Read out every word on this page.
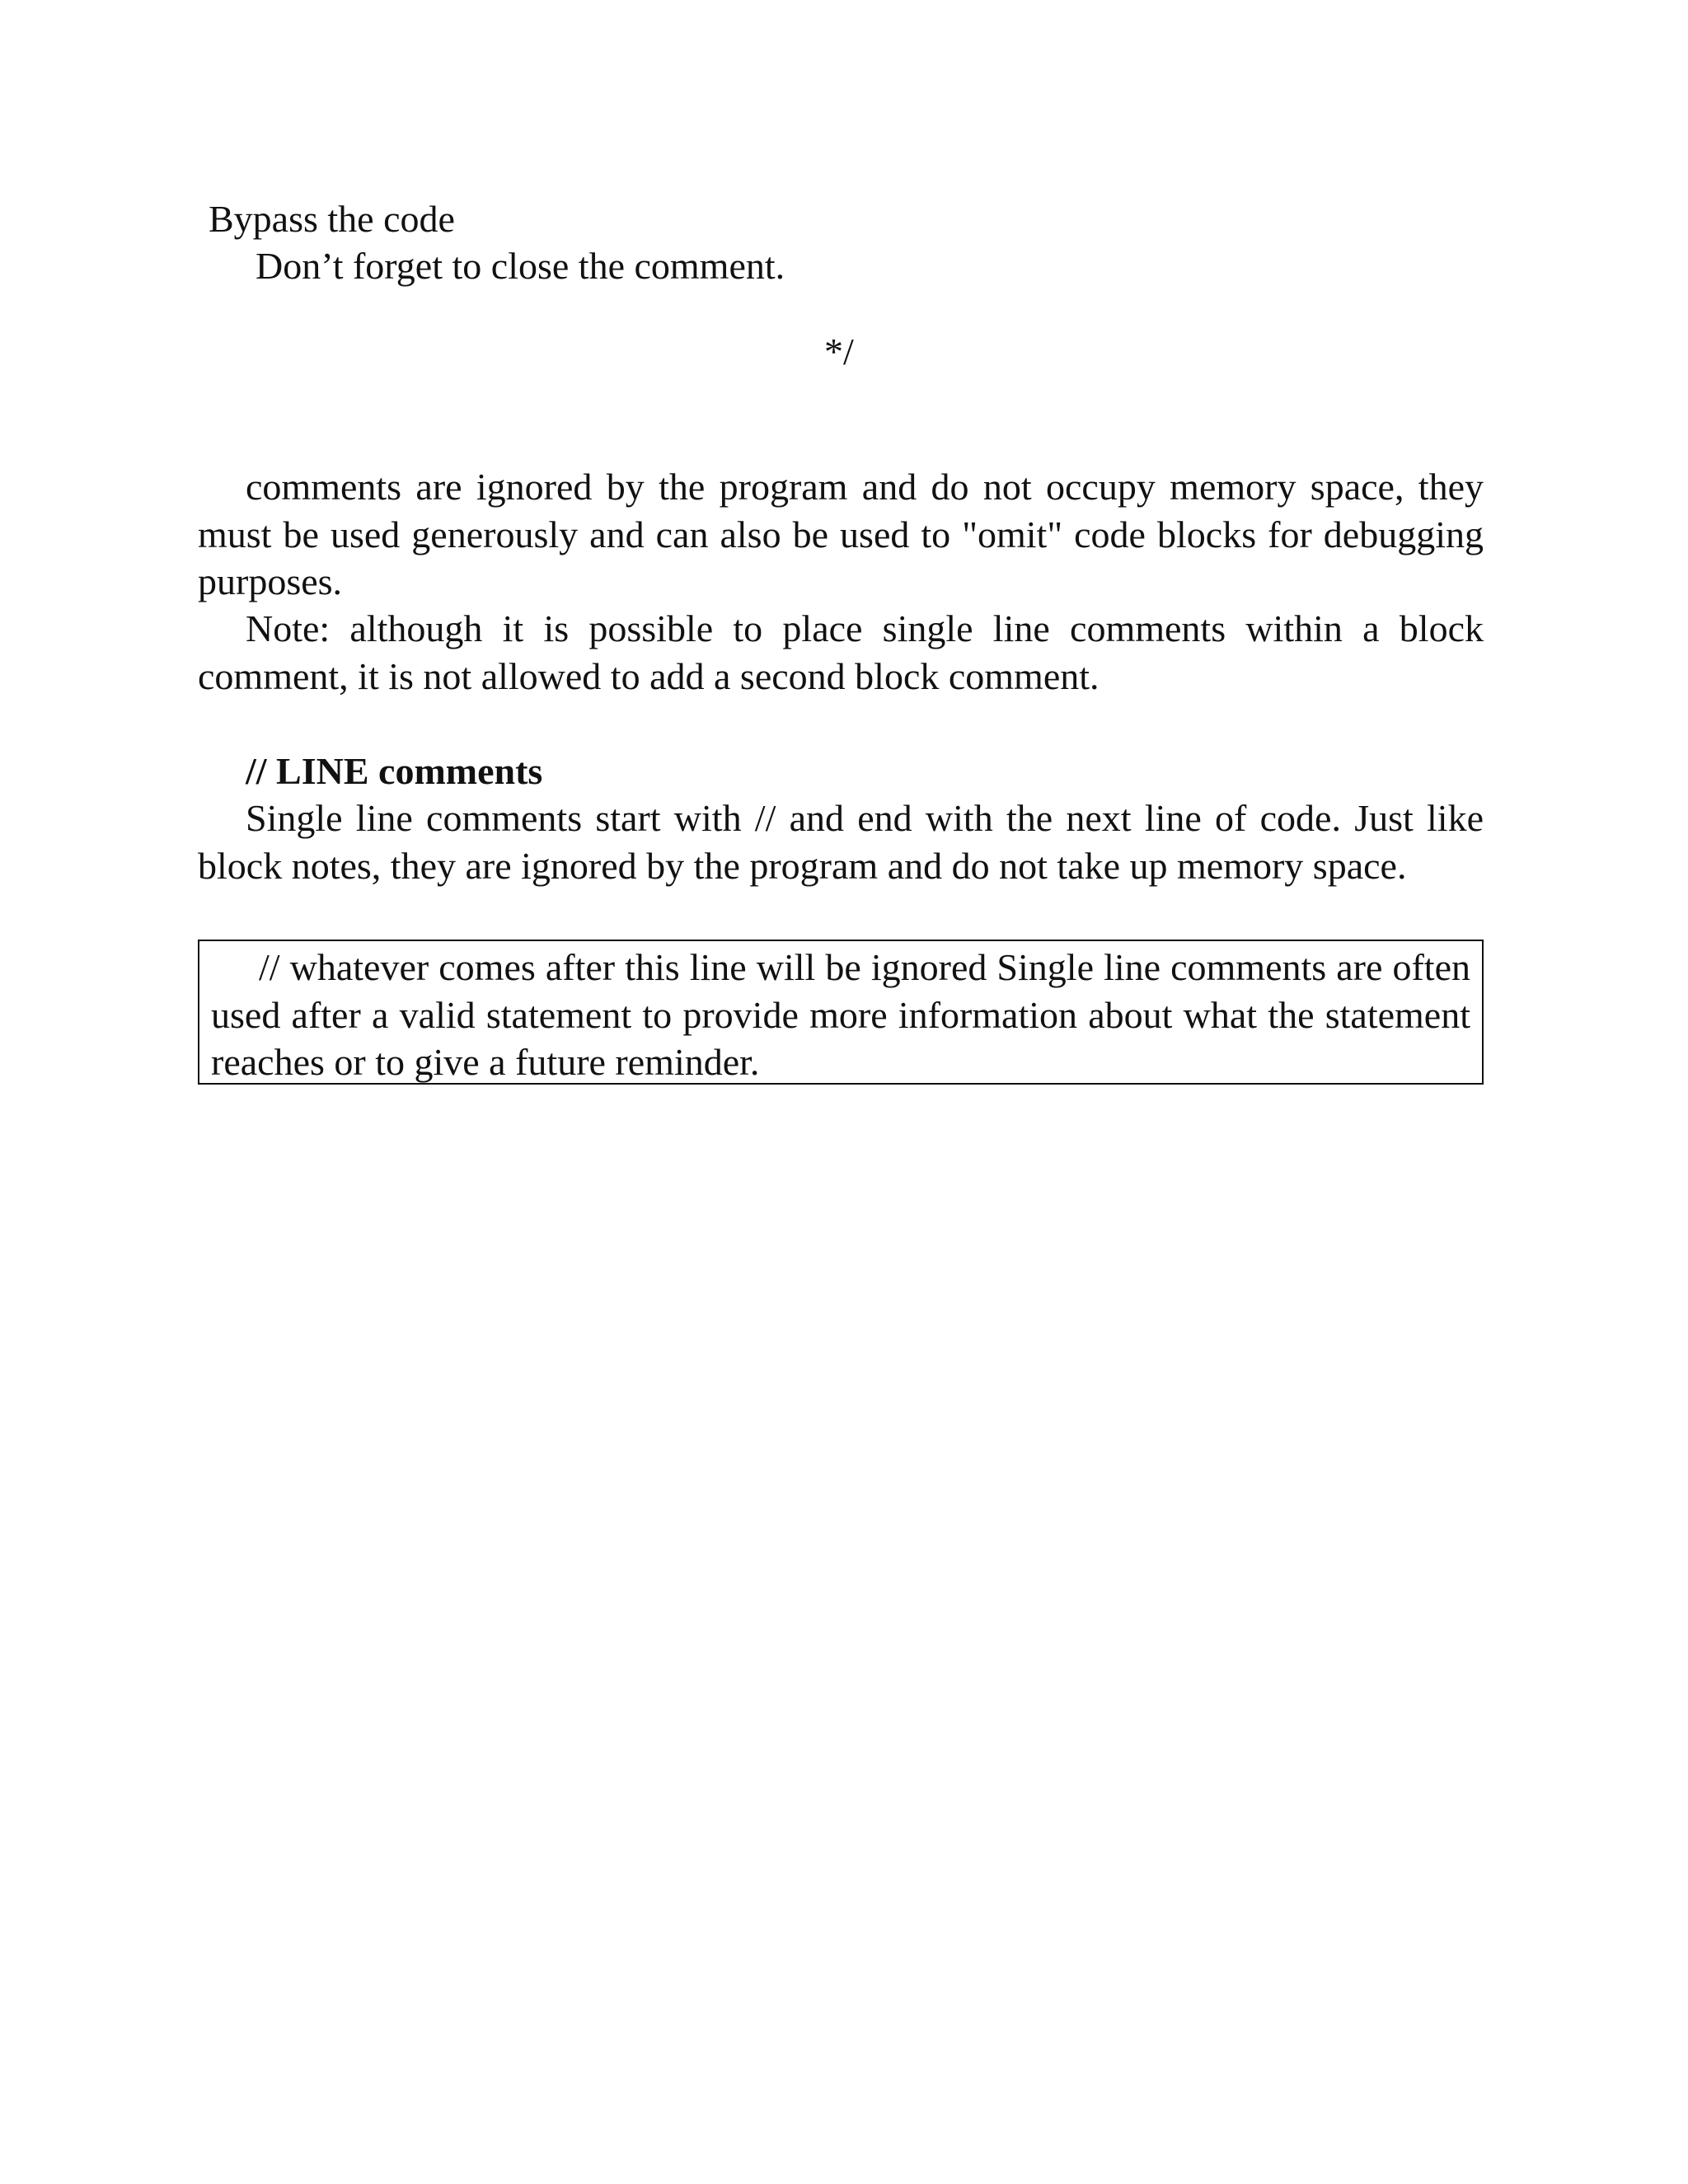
Bypass the code
Don’t forget to close the comment.
*/

comments are ignored by the program and do not occupy memory space, they must be used generously and can also be used to "omit" code blocks for debugging purposes.

Note: although it is possible to place single line comments within a block comment, it is not allowed to add a second block comment.

// LINE comments

Single line comments start with // and end with the next line of code. Just like block notes, they are ignored by the program and do not take up memory space.

// whatever comes after this line will be ignored Single line comments are often used after a valid statement to provide more information about what the statement reaches or to give a future reminder.
